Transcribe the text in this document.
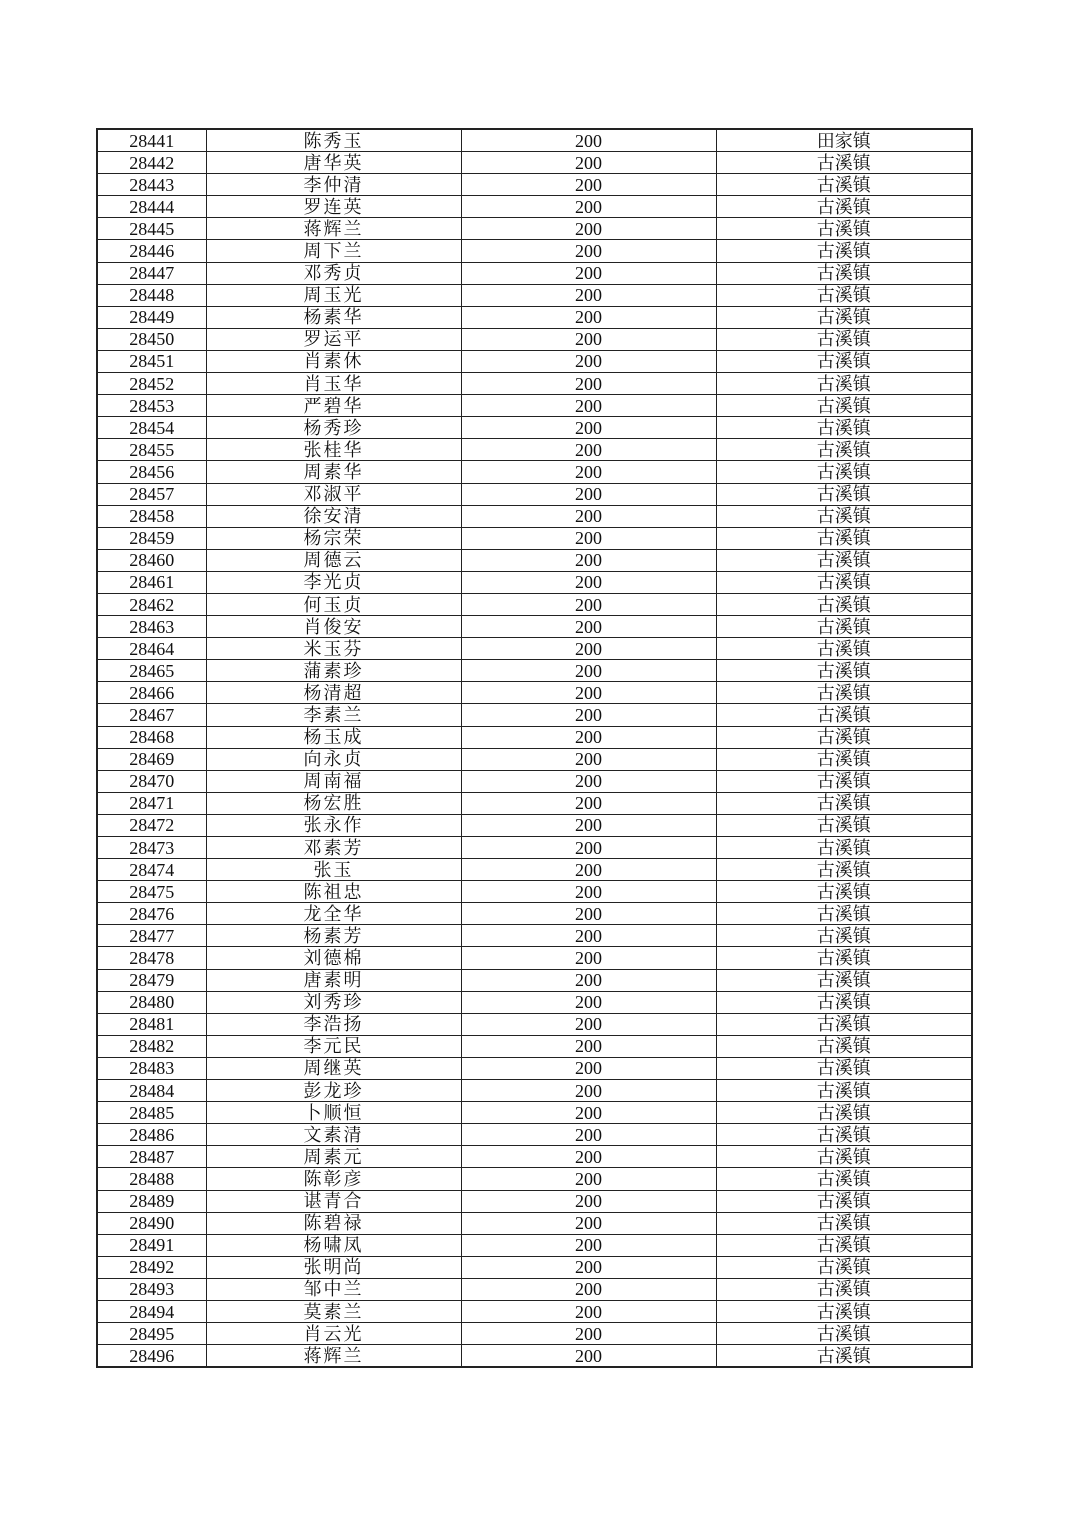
28441	陈秀玉	200	田家镇
28442	唐华英	200	古溪镇
28443	李仲清	200	古溪镇
28444	罗连英	200	古溪镇
28445	蒋辉兰	200	古溪镇
28446	周下兰	200	古溪镇
28447	邓秀贞	200	古溪镇
28448	周玉光	200	古溪镇
28449	杨素华	200	古溪镇
28450	罗运平	200	古溪镇
28451	肖素休	200	古溪镇
28452	肖玉华	200	古溪镇
28453	严碧华	200	古溪镇
28454	杨秀珍	200	古溪镇
28455	张桂华	200	古溪镇
28456	周素华	200	古溪镇
28457	邓淑平	200	古溪镇
28458	徐安清	200	古溪镇
28459	杨宗荣	200	古溪镇
28460	周德云	200	古溪镇
28461	李光贞	200	古溪镇
28462	何玉贞	200	古溪镇
28463	肖俊安	200	古溪镇
28464	米玉芬	200	古溪镇
28465	蒲素珍	200	古溪镇
28466	杨清超	200	古溪镇
28467	李素兰	200	古溪镇
28468	杨玉成	200	古溪镇
28469	向永贞	200	古溪镇
28470	周南福	200	古溪镇
28471	杨宏胜	200	古溪镇
28472	张永作	200	古溪镇
28473	邓素芳	200	古溪镇
28474	张玉	200	古溪镇
28475	陈祖忠	200	古溪镇
28476	龙全华	200	古溪镇
28477	杨素芳	200	古溪镇
28478	刘德棉	200	古溪镇
28479	唐素明	200	古溪镇
28480	刘秀珍	200	古溪镇
28481	李浩扬	200	古溪镇
28482	李元民	200	古溪镇
28483	周继英	200	古溪镇
28484	彭龙珍	200	古溪镇
28485	卜顺恒	200	古溪镇
28486	文素清	200	古溪镇
28487	周素元	200	古溪镇
28488	陈彰彦	200	古溪镇
28489	谌青合	200	古溪镇
28490	陈碧禄	200	古溪镇
28491	杨啸凤	200	古溪镇
28492	张明尚	200	古溪镇
28493	邹中兰	200	古溪镇
28494	莫素兰	200	古溪镇
28495	肖云光	200	古溪镇
28496	蒋辉兰	200	古溪镇
